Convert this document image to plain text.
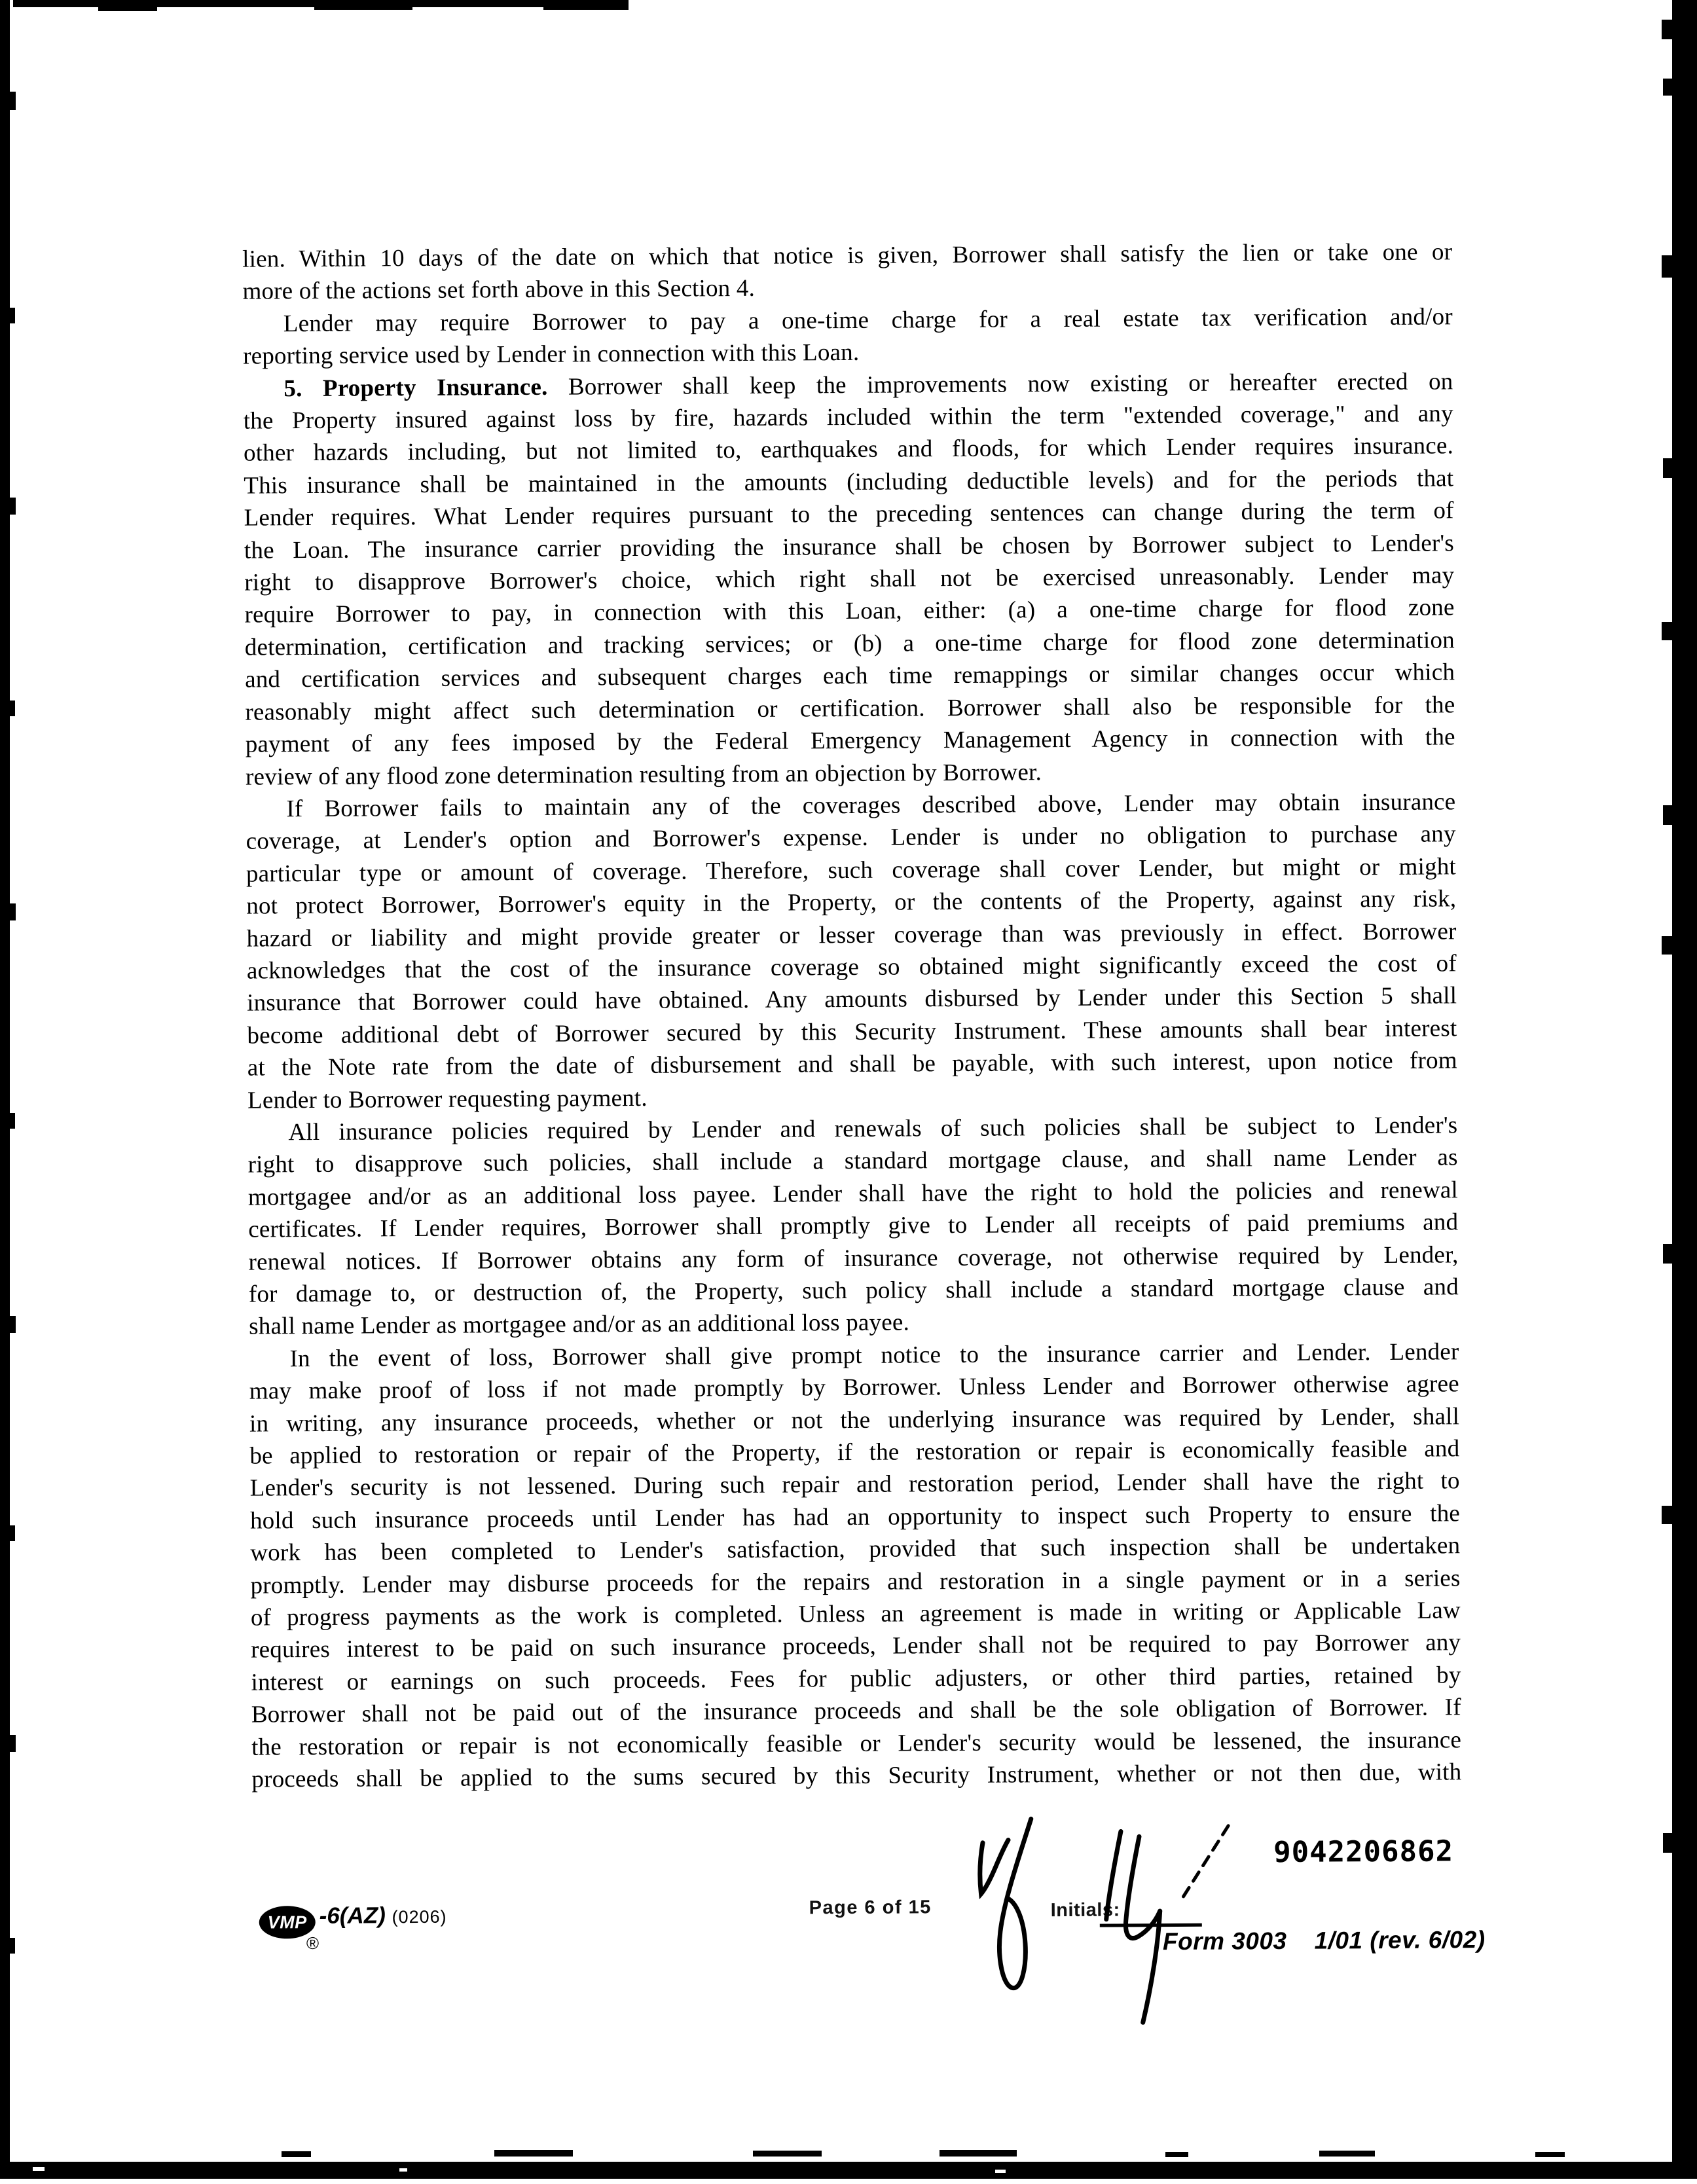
lien. Within 10 days of the date on which that notice is given, Borrower shall satisfy the lien or take one or
more of the actions set forth above in this Section 4.
Lender may require Borrower to pay a one-time charge for a real estate tax verification and/or
reporting service used by Lender in connection with this Loan.
5. Property Insurance. Borrower shall keep the improvements now existing or hereafter erected on
the Property insured against loss by fire, hazards included within the term "extended coverage," and any
other hazards including, but not limited to, earthquakes and floods, for which Lender requires insurance.
This insurance shall be maintained in the amounts (including deductible levels) and for the periods that
Lender requires. What Lender requires pursuant to the preceding sentences can change during the term of
the Loan. The insurance carrier providing the insurance shall be chosen by Borrower subject to Lender's
right to disapprove Borrower's choice, which right shall not be exercised unreasonably. Lender may
require Borrower to pay, in connection with this Loan, either: (a) a one-time charge for flood zone
determination, certification and tracking services; or (b) a one-time charge for flood zone determination
and certification services and subsequent charges each time remappings or similar changes occur which
reasonably might affect such determination or certification. Borrower shall also be responsible for the
payment of any fees imposed by the Federal Emergency Management Agency in connection with the
review of any flood zone determination resulting from an objection by Borrower.
If Borrower fails to maintain any of the coverages described above, Lender may obtain insurance
coverage, at Lender's option and Borrower's expense. Lender is under no obligation to purchase any
particular type or amount of coverage. Therefore, such coverage shall cover Lender, but might or might
not protect Borrower, Borrower's equity in the Property, or the contents of the Property, against any risk,
hazard or liability and might provide greater or lesser coverage than was previously in effect. Borrower
acknowledges that the cost of the insurance coverage so obtained might significantly exceed the cost of
insurance that Borrower could have obtained. Any amounts disbursed by Lender under this Section 5 shall
become additional debt of Borrower secured by this Security Instrument. These amounts shall bear interest
at the Note rate from the date of disbursement and shall be payable, with such interest, upon notice from
Lender to Borrower requesting payment.
All insurance policies required by Lender and renewals of such policies shall be subject to Lender's
right to disapprove such policies, shall include a standard mortgage clause, and shall name Lender as
mortgagee and/or as an additional loss payee. Lender shall have the right to hold the policies and renewal
certificates. If Lender requires, Borrower shall promptly give to Lender all receipts of paid premiums and
renewal notices. If Borrower obtains any form of insurance coverage, not otherwise required by Lender,
for damage to, or destruction of, the Property, such policy shall include a standard mortgage clause and
shall name Lender as mortgagee and/or as an additional loss payee.
In the event of loss, Borrower shall give prompt notice to the insurance carrier and Lender. Lender
may make proof of loss if not made promptly by Borrower. Unless Lender and Borrower otherwise agree
in writing, any insurance proceeds, whether or not the underlying insurance was required by Lender, shall
be applied to restoration or repair of the Property, if the restoration or repair is economically feasible and
Lender's security is not lessened. During such repair and restoration period, Lender shall have the right to
hold such insurance proceeds until Lender has had an opportunity to inspect such Property to ensure the
work has been completed to Lender's satisfaction, provided that such inspection shall be undertaken
promptly. Lender may disburse proceeds for the repairs and restoration in a single payment or in a series
of progress payments as the work is completed. Unless an agreement is made in writing or Applicable Law
requires interest to be paid on such insurance proceeds, Lender shall not be required to pay Borrower any
interest or earnings on such proceeds. Fees for public adjusters, or other third parties, retained by
Borrower shall not be paid out of the insurance proceeds and shall be the sole obligation of Borrower. If
the restoration or repair is not economically feasible or Lender's security would be lessened, the insurance
proceeds shall be applied to the sums secured by this Security Instrument, whether or not then due, with
9042206862
Page 6 of 15	Initials:
Form 3003 1/01 (rev. 6/02)
VMP
®
-6(AZ) (0206)
